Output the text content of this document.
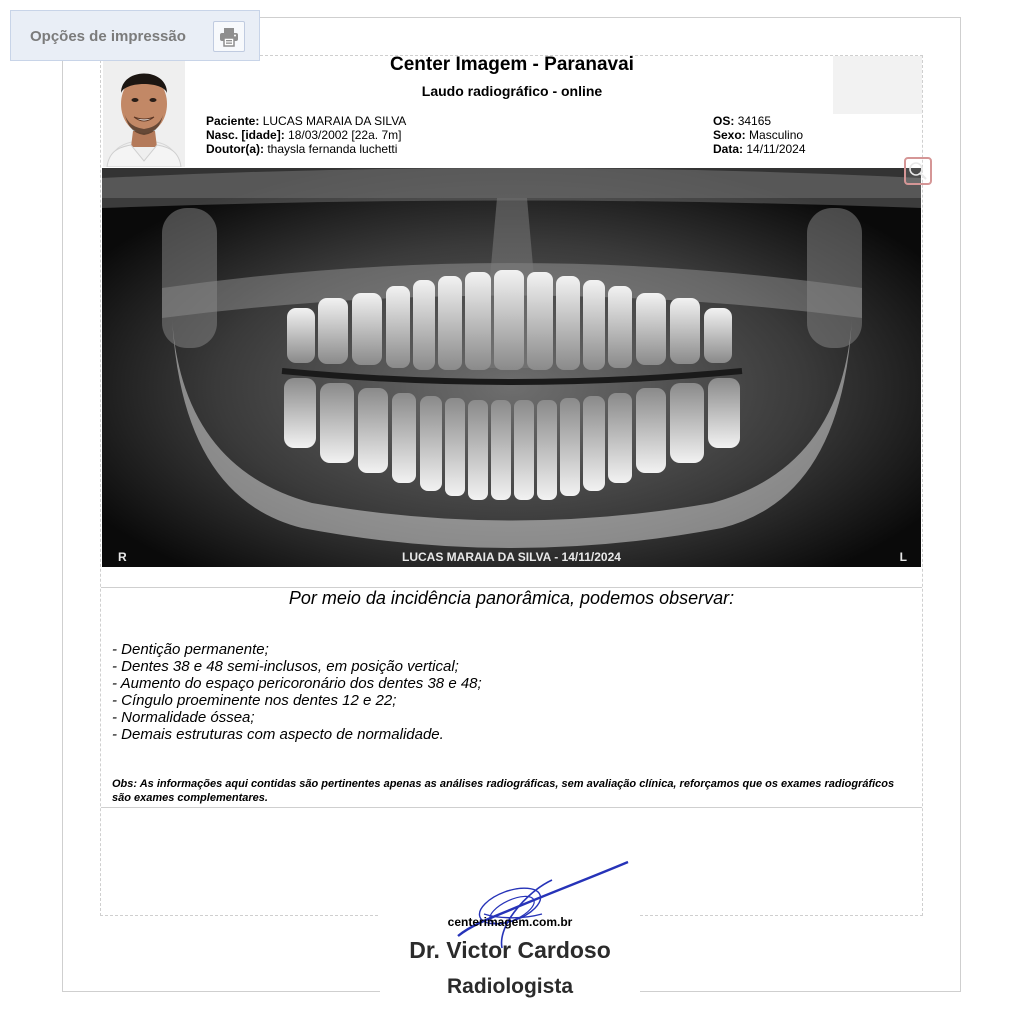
Opções de impressão
Center Imagem - Paranavai
Laudo radiográfico - online
Paciente: LUCAS MARAIA DA SILVA
Nasc. [idade]: 18/03/2002 [22a. 7m]
Doutor(a): thaysla fernanda luchetti
OS: 34165
Sexo: Masculino
Data: 14/11/2024
R	LUCAS MARAIA DA SILVA - 14/11/2024	L
Por meio da incidência panorâmica, podemos observar:
- Dentição permanente;
- Dentes 38 e 48 semi-inclusos, em posição vertical;
- Aumento do espaço pericoronário dos dentes 38 e 48;
- Cíngulo proeminente nos dentes 12 e 22;
- Normalidade óssea;
- Demais estruturas com aspecto de normalidade.
Obs: As informações aqui contidas são pertinentes apenas as análises radiográficas, sem avaliação clínica, reforçamos que os exames radiográficos são exames complementares.
centerimagem.com.br
Dr. Victor Cardoso
Radiologista
